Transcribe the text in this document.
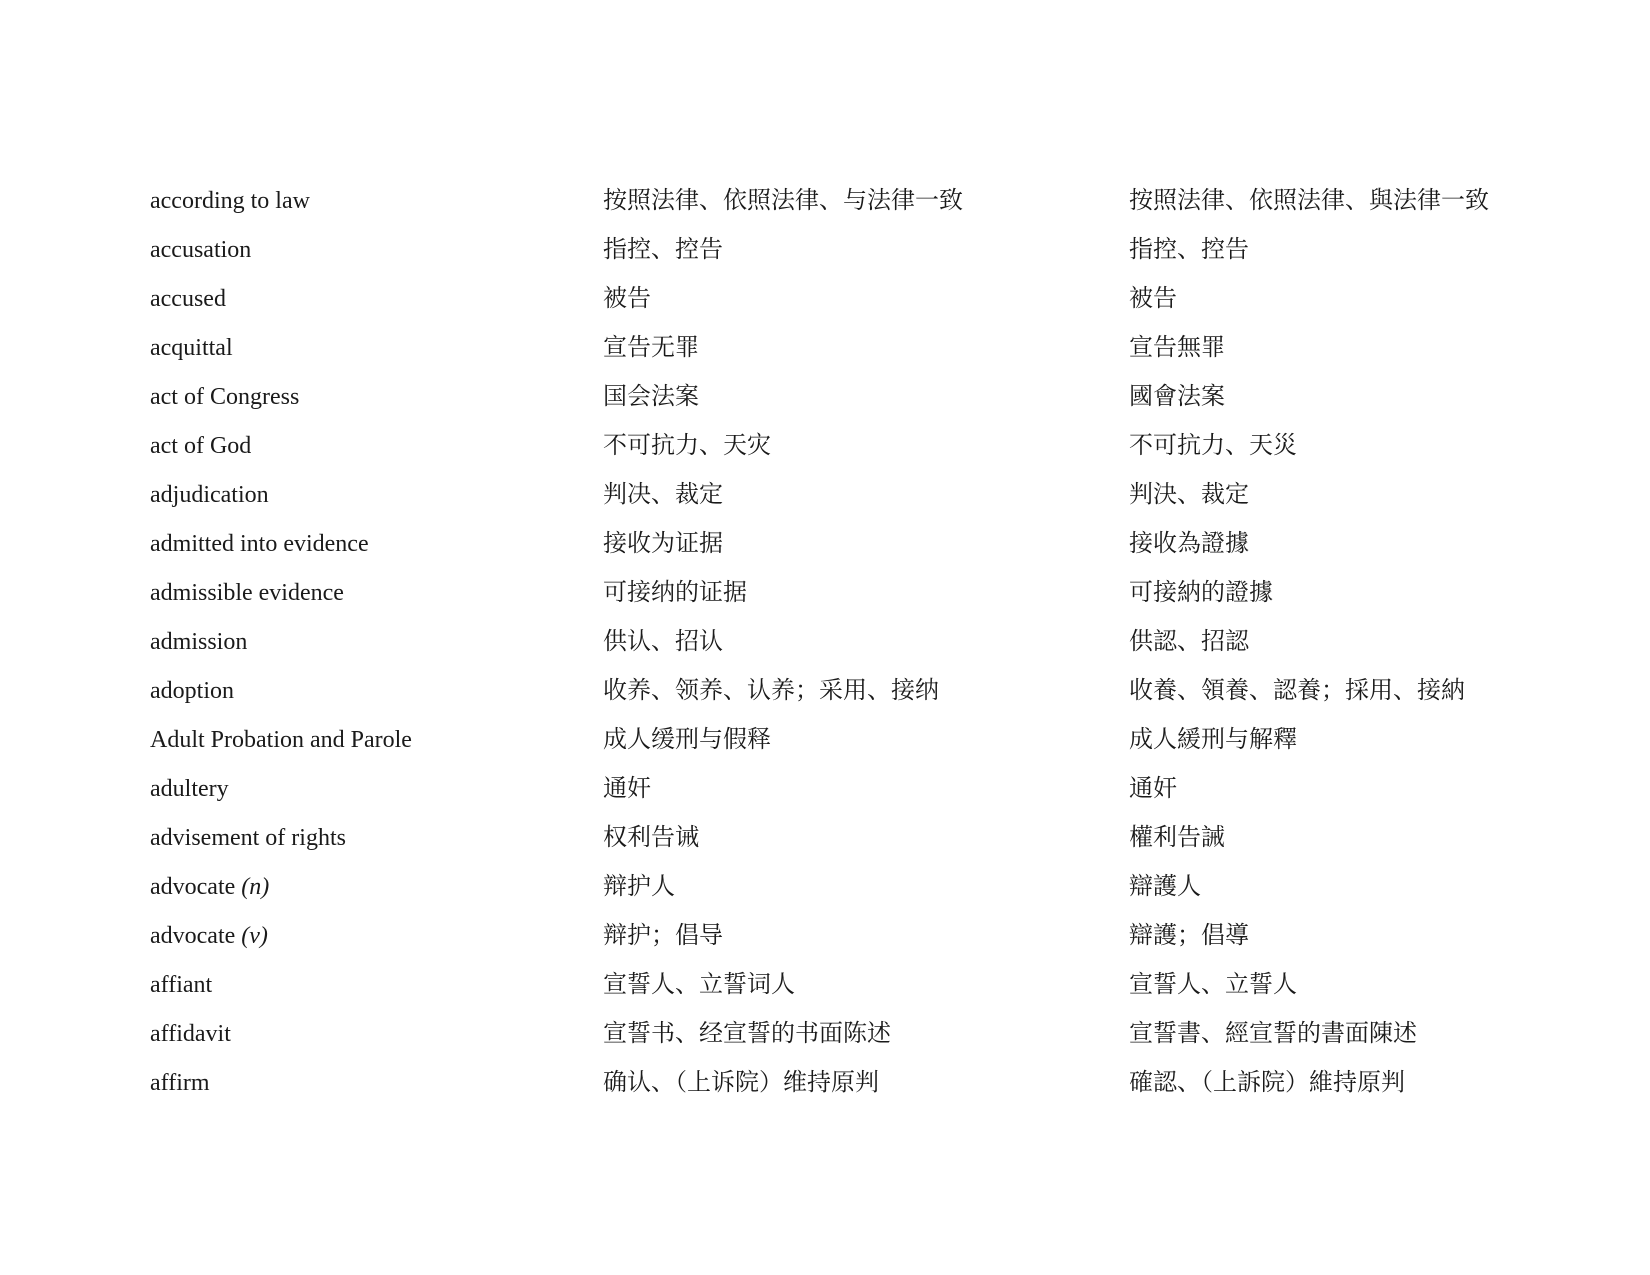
according to law	按照法律、依照法律、与法律一致	按照法律、依照法律、與法律一致
accusation	指控、控告	指控、控告
accused	被告	被告
acquittal	宣告无罪	宣告無罪
act of Congress	国会法案	國會法案
act of God	不可抗力、天灾	不可抗力、天災
adjudication	判决、裁定	判決、裁定
admitted into evidence	接收为证据	接收為證據
admissible evidence	可接纳的证据	可接納的證據
admission	供认、招认	供認、招認
adoption	收养、领养、认养；采用、接纳	收養、領養、認養；採用、接納
Adult Probation and Parole	成人缓刑与假释	成人緩刑与解釋
adultery	通奸	通奸
advisement of rights	权利告诫	權利告誡
advocate (n)	辩护人	辯護人
advocate (v)	辩护；倡导	辯護；倡導
affiant	宣誓人、立誓词人	宣誓人、立誓人
affidavit	宣誓书、经宣誓的书面陈述	宣誓書、經宣誓的書面陳述
affirm	确认、（上诉院）维持原判	確認、（上訴院）維持原判
